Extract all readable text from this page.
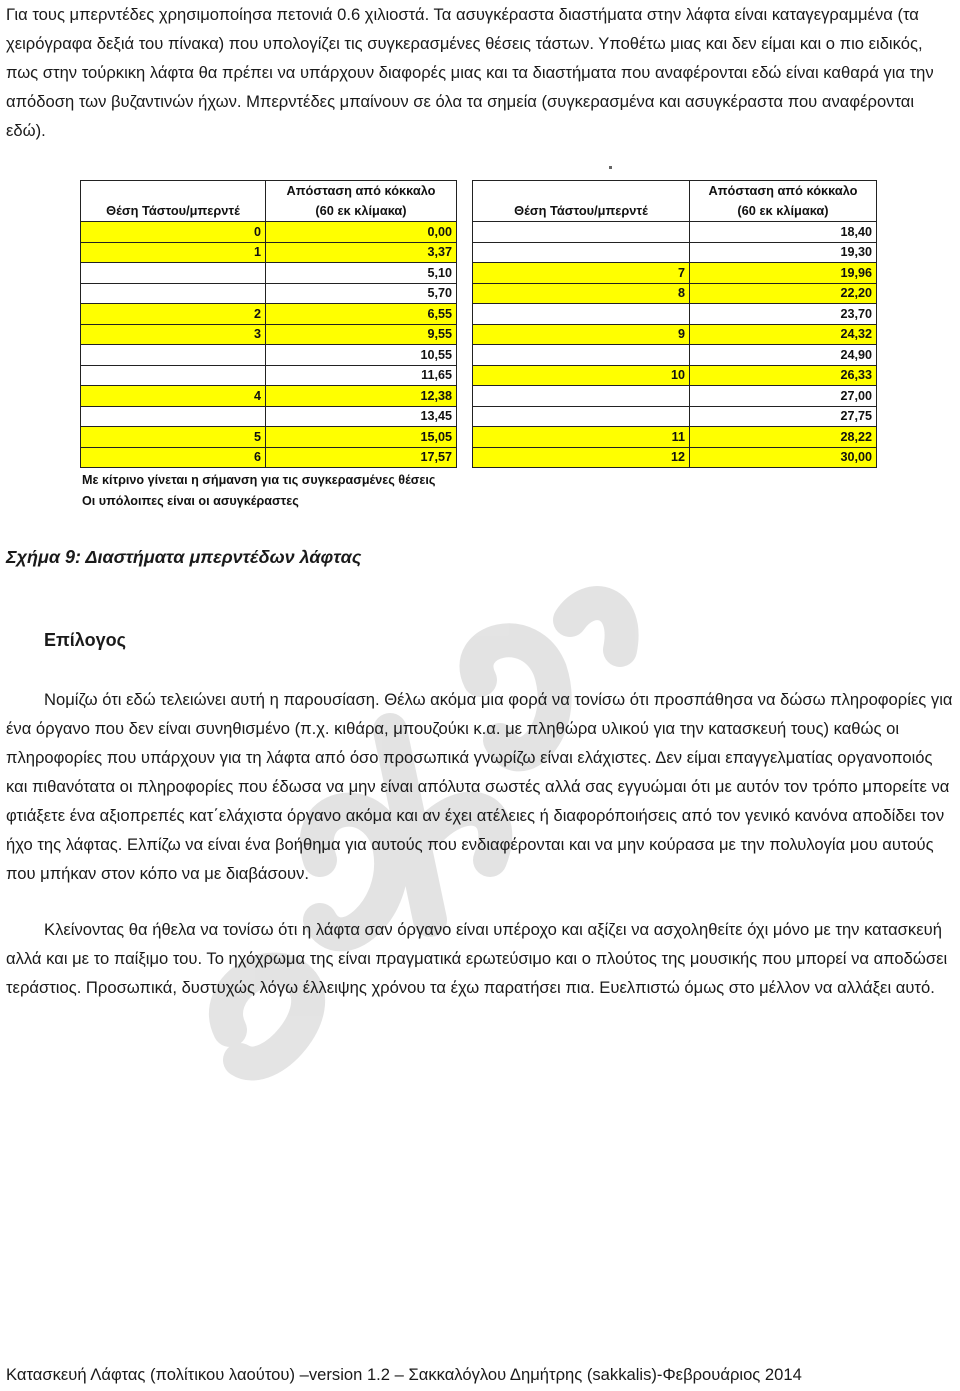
Για τους μπερντέδες χρησιμοποίησα πετονιά 0.6 χιλιοστά. Τα ασυγκέραστα διαστήματα στην λάφτα είναι καταγεγραμμένα (τα χειρόγραφα δεξιά του πίνακα) που υπολογίζει τις συγκερασμένες θέσεις τάστων. Υποθέτω μιας και δεν είμαι και ο πιο ειδικός, πως στην τούρκικη λάφτα θα πρέπει να υπάρχουν διαφορές μιας και τα διαστήματα που αναφέρονται εδώ είναι καθαρά για την απόδοση των βυζαντινών ήχων. Μπερντέδες μπαίνουν σε όλα τα σημεία (συγκερασμένα και ασυγκέραστα που αναφέρονται εδώ).

Θέση Τάστου/μπερντέ	Απόσταση από κόκκαλο
(60 εκ κλίμακα)

0	0,00
1	3,37
	5,10
	5,70
2	6,55
3	9,55
	10,55
	11,65
4	12,38
	13,45
5	15,05
6	17,57
Θέση Τάστου/μπερντέ	Απόσταση από κόκκαλο
(60 εκ κλίμακα)

	18,40
	19,30
7	19,96
8	22,20
	23,70
9	24,32
	24,90
10	26,33
	27,00
	27,75
11	28,22
12	30,00
Με κίτρινο γίνεται η σήμανση για τις συγκερασμένες θέσεις
Οι υπόλοιπες είναι οι ασυγκέραστες
Σχήμα 9: Διαστήματα μπερντέδων λάφτας
Επίλογος

Νομίζω ότι εδώ τελειώνει αυτή η παρουσίαση. Θέλω ακόμα μια φορά να τονίσω ότι προσπάθησα να δώσω πληροφορίες για ένα όργανο που δεν είναι συνηθισμένο (π.χ. κιθάρα, μπουζούκι κ.α. με πληθώρα υλικού για την κατασκευή τους) καθώς οι πληροφορίες που υπάρχουν για τη λάφτα από όσο προσωπικά γνωρίζω είναι ελάχιστες. Δεν είμαι επαγγελματίας οργανοποιός και πιθανότατα οι πληροφορίες που έδωσα να μην είναι απόλυτα σωστές αλλά σας εγγυώμαι ότι με αυτόν τον τρόπο μπορείτε να φτιάξετε ένα αξιοπρεπές κατ΄ελάχιστα όργανο ακόμα και αν έχει ατέλειες ή διαφορόποιήσεις από τον γενικό κανόνα αποδίδει τον ήχο της λάφτας. Ελπίζω να είναι ένα βοήθημα για αυτούς που ενδιαφέρονται και να μην κούρασα με την πολυλογία μου αυτούς που μπήκαν στον κόπο να με διαβάσουν.

Κλείνοντας θα ήθελα να τονίσω ότι η λάφτα σαν όργανο είναι υπέροχο και αξίζει να ασχοληθείτε όχι μόνο με την κατασκευή αλλά και με το παίξιμο του. Το ηχόχρωμα της είναι πραγματικά ερωτεύσιμο και ο πλούτος της μουσικής που μπορεί να αποδώσει τεράστιος. Προσωπικά, δυστυχώς λόγω έλλειψης χρόνου τα έχω παρατήσει πια. Ευελπιστώ όμως στο μέλλον να αλλάξει αυτό.

Κατασκευή Λάφτας (πολίτικου λαούτου) –version 1.2 – Σακκαλόγλου Δημήτρης (sakkalis)-Φεβρουάριος 2014
